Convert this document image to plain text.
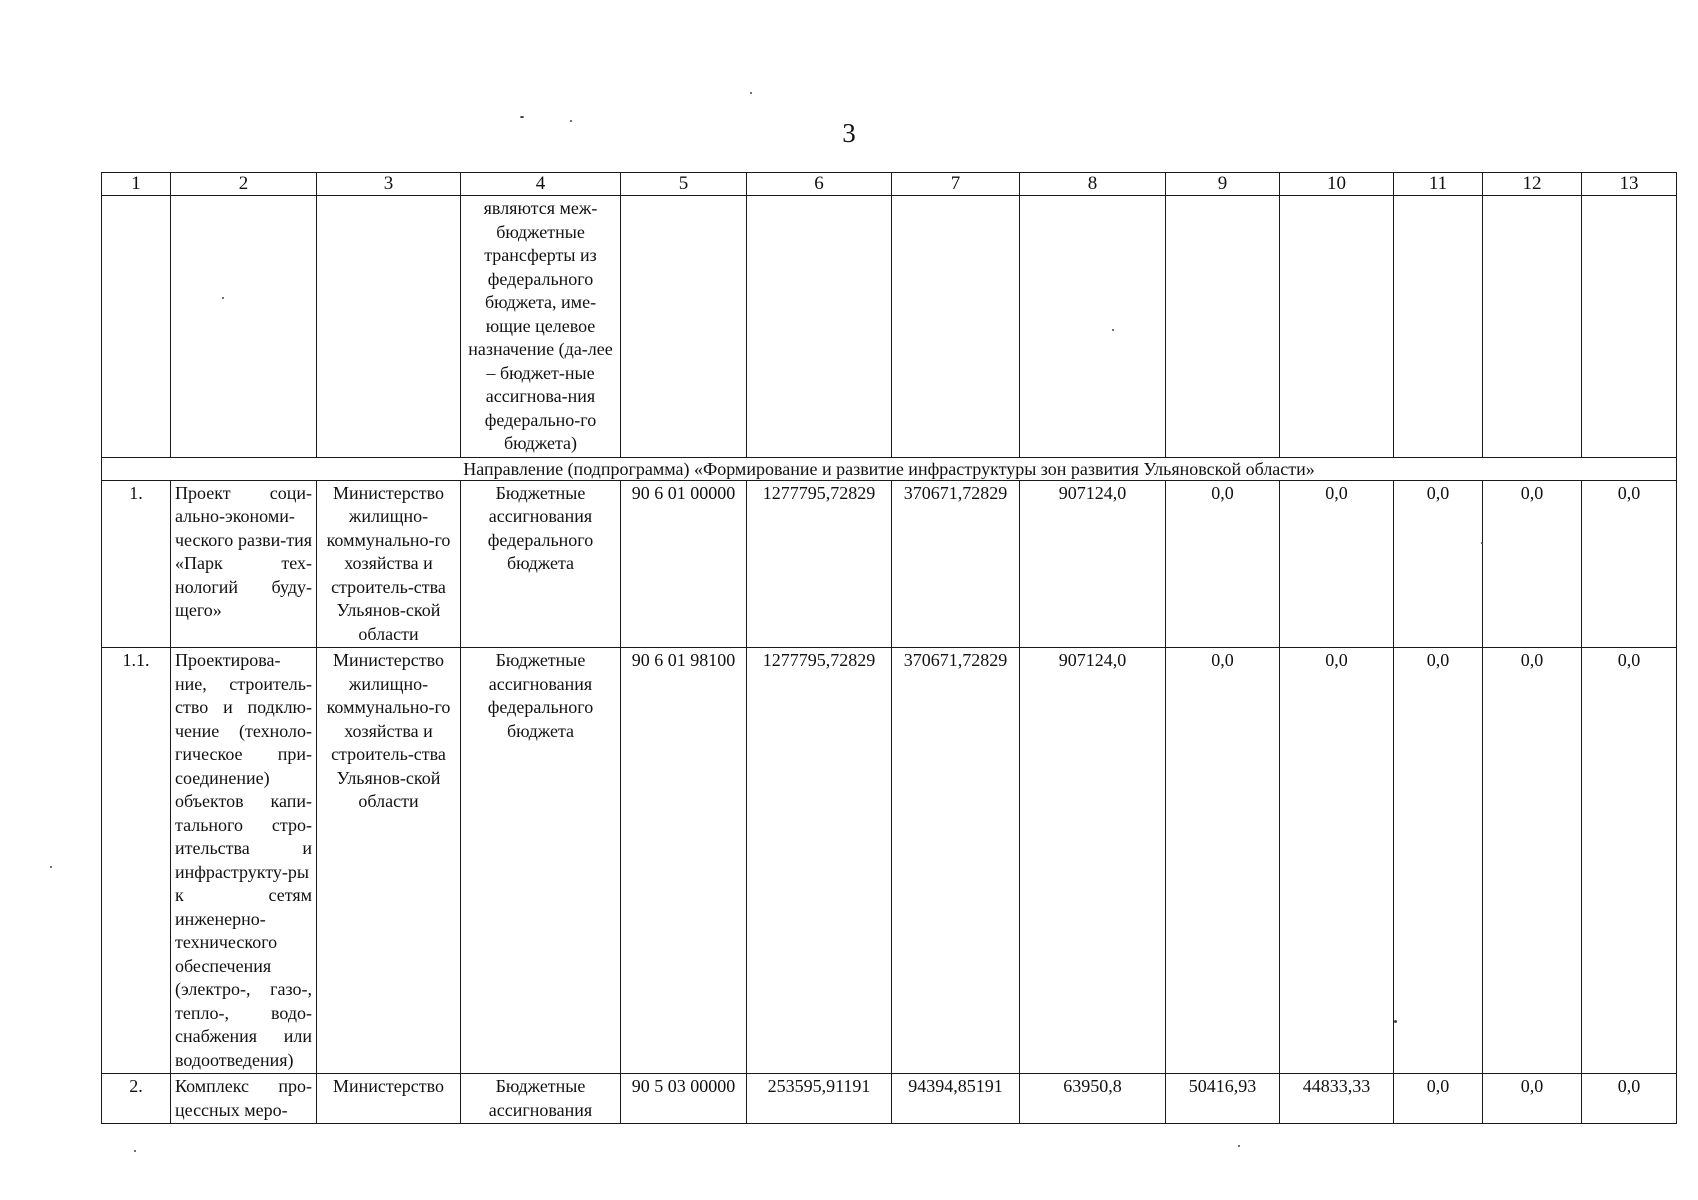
3
1	2	3	4	5	6	7	8	9	10	11	12	13
			являются меж-бюджетные трансферты из федерального бюджета, име-ющие целевое назначение (да-лее – бюджет-ные ассигнова-ния федерально-го бюджета)									
Направление (подпрограмма) «Формирование и развитие инфраструктуры зон развития Ульяновской области»												
1.	Проект соци-ально-экономи-ческого разви-тия «Парк тех-нологий буду-щего»	Министерство жилищно-коммунально-го хозяйства и строитель-ства Ульянов-ской области	Бюджетные ассигнования федерального бюджета	90 6 01 00000	1277795,72829	370671,72829	907124,0	0,0	0,0	0,0	0,0	0,0
1.1.	Проектирова-ние, строитель-ство и подклю-чение (техноло-гическое при-соединение) объектов капи-тального стро-ительства и инфраструкту-ры к сетям инженерно-технического обеспечения (электро-, газо-, тепло-, водо-снабжения или водоотведения)	Министерство жилищно-коммунально-го хозяйства и строитель-ства Ульянов-ской области	Бюджетные ассигнования федерального бюджета	90 6 01 98100	1277795,72829	370671,72829	907124,0	0,0	0,0	0,0	0,0	0,0
2.	Комплекс про-цессных меро-	Министерство	Бюджетные ассигнования	90 5 03 00000	253595,91191	94394,85191	63950,8	50416,93	44833,33	0,0	0,0	0,0
